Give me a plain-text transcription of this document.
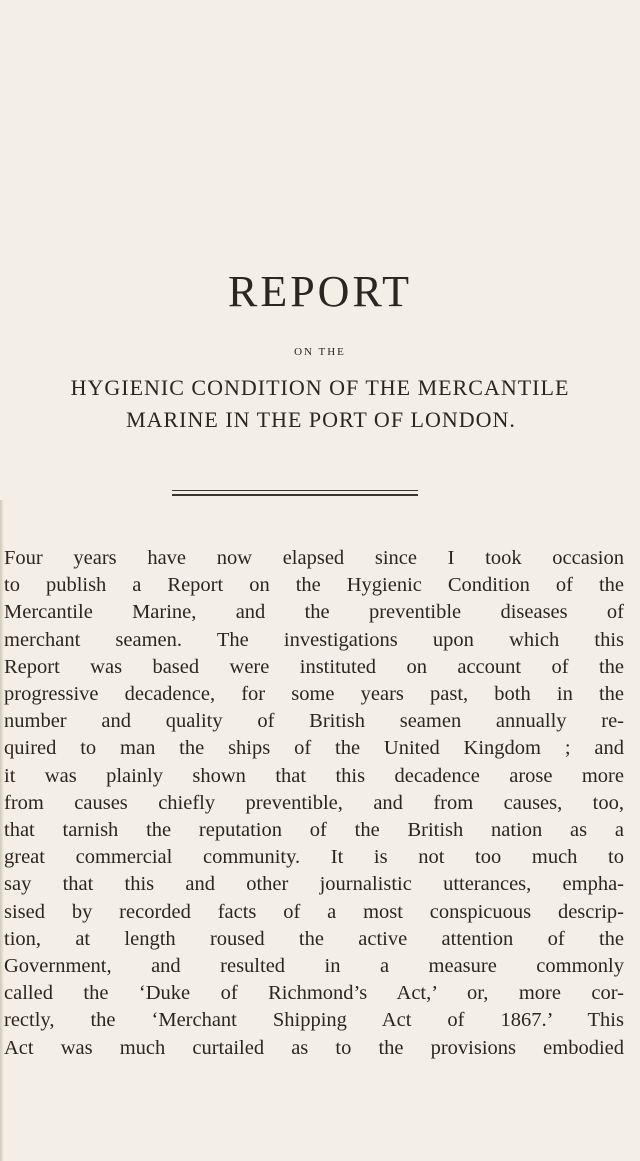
REPORT
ON THE
HYGIENIC CONDITION OF THE MERCANTILE
MARINE IN THE PORT OF LONDON.
Four years have now elapsed since I took occasion
to publish a Report on the Hygienic Condition of the
Mercantile Marine, and the preventible diseases of
merchant seamen. The investigations upon which this
Report was based were instituted on account of the
progressive decadence, for some years past, both in the
number and quality of British seamen annually re-
quired to man the ships of the United Kingdom ; and
it was plainly shown that this decadence arose more
from causes chiefly preventible, and from causes, too,
that tarnish the reputation of the British nation as a
great commercial community. It is not too much to
say that this and other journalistic utterances, empha-
sised by recorded facts of a most conspicuous descrip-
tion, at length roused the active attention of the
Government, and resulted in a measure commonly
called the ‘Duke of Richmond’s Act,’ or, more cor-
rectly, the ‘Merchant Shipping Act of 1867.’ This
Act was much curtailed as to the provisions embodied
